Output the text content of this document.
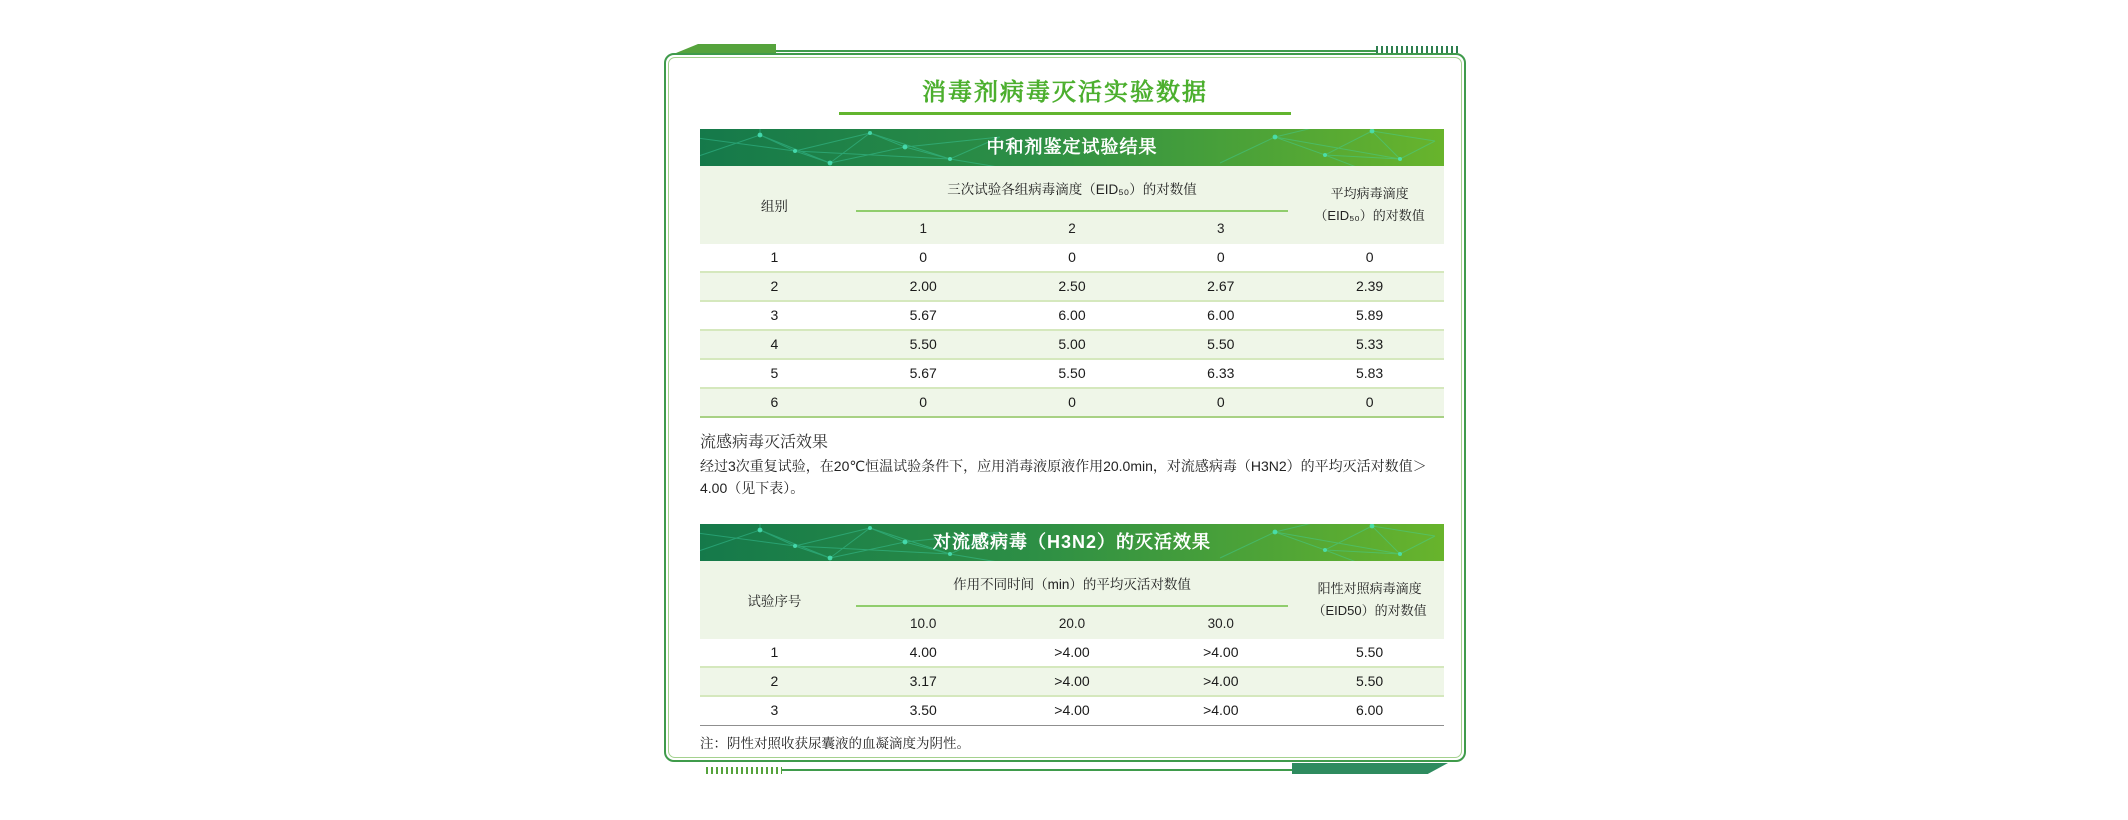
消毒剂病毒灭活实验数据
中和剂鉴定试验结果
组别
三次试验各组病毒滴度（EID₅₀）的对数值
1	2	3
平均病毒滴度
（EID₅₀）的对数值
1	0	0	0	0
2	2.00	2.50	2.67	2.39
3	5.67	6.00	6.00	5.89
4	5.50	5.00	5.50	5.33
5	5.67	5.50	6.33	5.83
6	0	0	0	0
流感病毒灭活效果
经过3次重复试验，在20℃恒温试验条件下，应用消毒液原液作用20.0min，对流感病毒（H3N2）的平均灭活对数值＞4.00（见下表）。
对流感病毒（H3N2）的灭活效果
试验序号
作用不同时间（min）的平均灭活对数值
10.0	20.0	30.0
阳性对照病毒滴度
（EID50）的对数值
1	4.00	>4.00	>4.00	5.50
2	3.17	>4.00	>4.00	5.50
3	3.50	>4.00	>4.00	6.00
注：阴性对照收获尿囊液的血凝滴度为阴性。
